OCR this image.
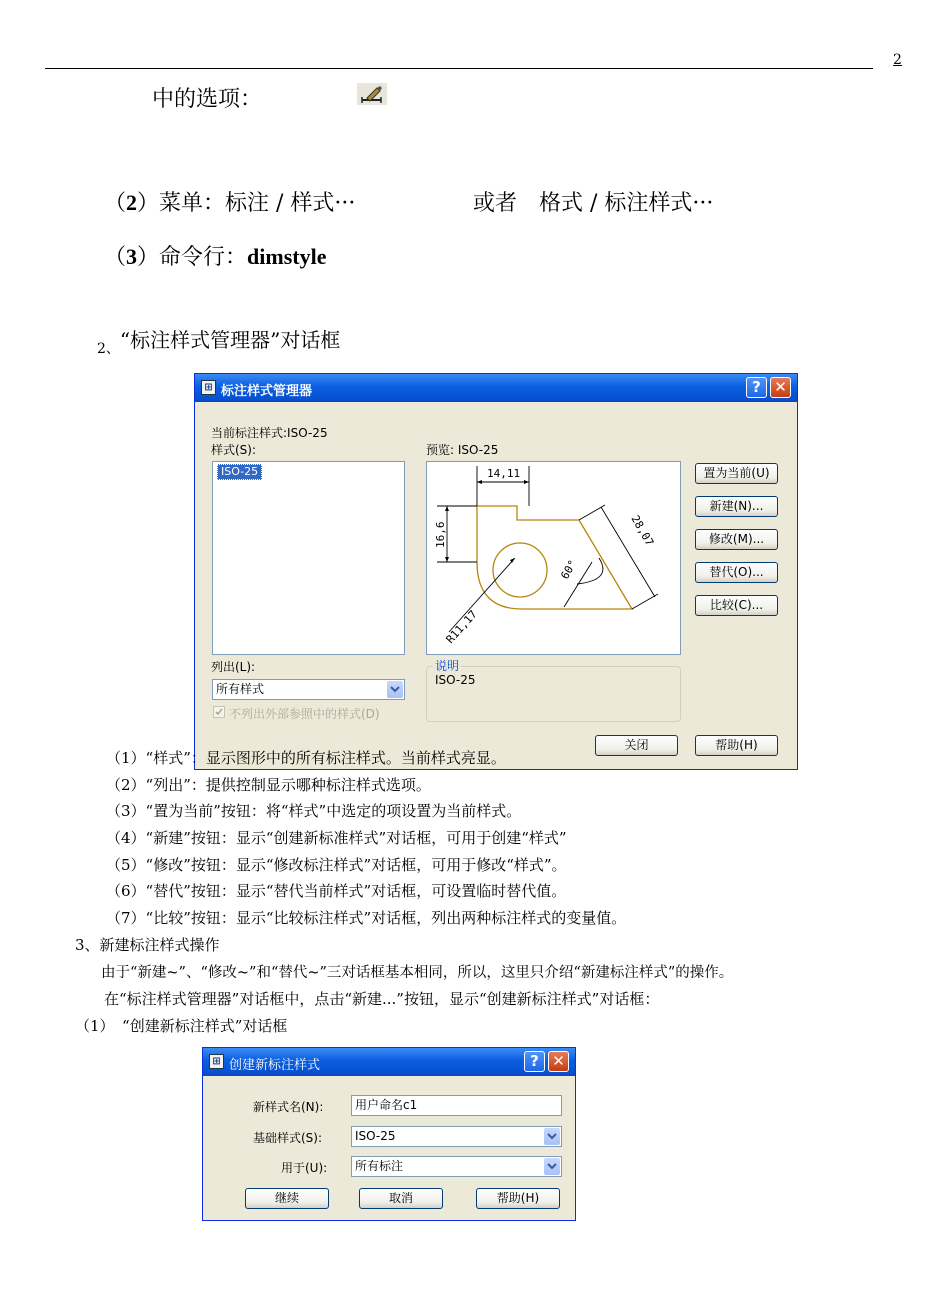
2
中的选项：
（2）菜单：标注 / 样式···	或者　格式 / 标注样式···
（3）命令行：dimstyle
2、“标注样式管理器”对话框
⊞ 标注样式管理器	? ✕
当前标注样式:ISO-25
样式(S):
ISO-25
预览: ISO-25
14,11
16,6	28,07
60°
R11,17
置为当前(U)
新建(N)...
修改(M)...
替代(O)...
比较(C)...
列出(L):
所有样式
不列出外部参照中的样式(D)
说明
ISO-25
关闭	帮助(H)
（1）“样式”：显示图形中的所有标注样式。当前样式亮显。
（2）“列出”：提供控制显示哪种标注样式选项。
（3）“置为当前”按钮：将“样式”中选定的项设置为当前样式。
（4）“新建”按钮：显示“创建新标准样式”对话框，可用于创建“样式”
（5）“修改”按钮：显示“修改标注样式”对话框，可用于修改“样式”。
（6）“替代”按钮：显示“替代当前样式”对话框，可设置临时替代值。
（7）“比较”按钮：显示“比较标注样式”对话框，列出两种标注样式的变量值。
3、新建标注样式操作
由于“新建~”、“修改~”和“替代~”三对话框基本相同，所以，这里只介绍“新建标注样式”的操作。
在“标注样式管理器”对话框中，点击“新建...”按钮，显示“创建新标注样式”对话框：
（1）　“创建新标注样式”对话框
⊞ 创建新标注样式	? ✕
新样式名(N):	用户命名c1
基础样式(S):	ISO-25
用于(U):	所有标注
继续	取消	帮助(H)
